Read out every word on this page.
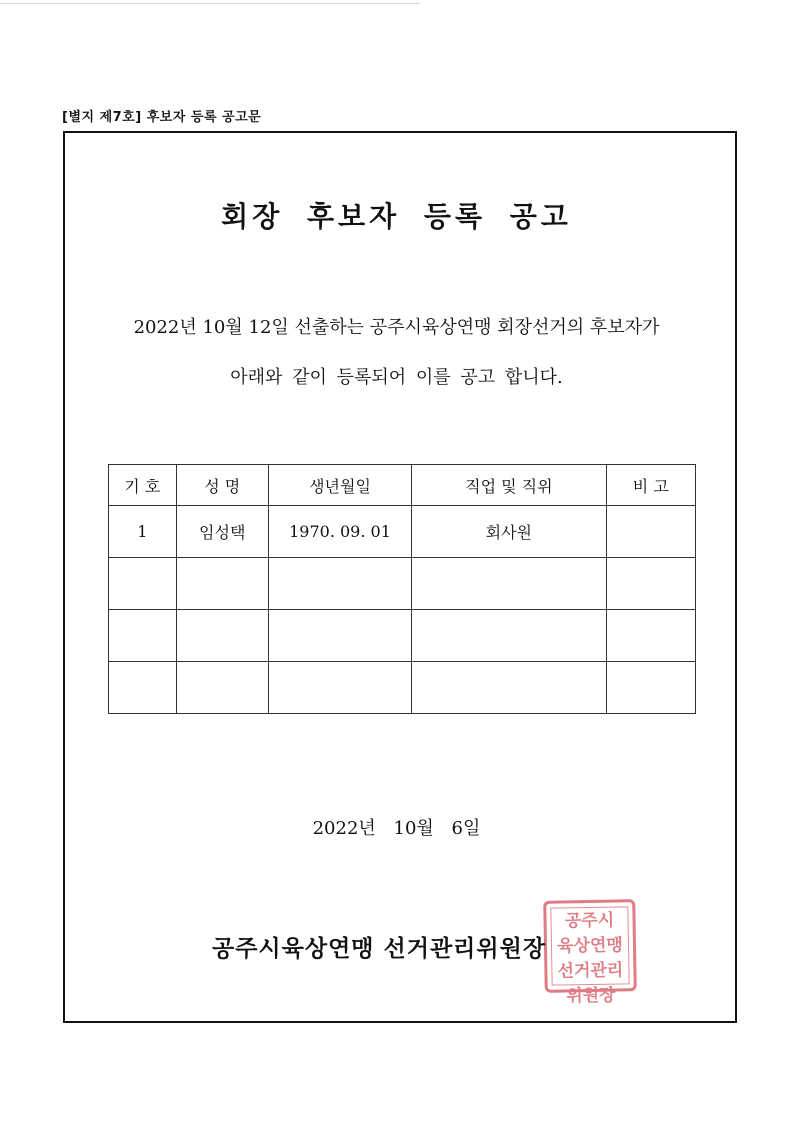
[별지 제7호] 후보자 등록 공고문
회장 후보자 등록 공고
2022년 10월 12일 선출하는 공주시육상연맹 회장선거의 후보자가
아래와 같이 등록되어 이를 공고 합니다.
기 호	성 명	생년월일	직업 및 직위	비 고
1	임성택	1970. 09. 01	회사원	

2022년 10월 6일
공주시
육상연맹
선거관리
위원장
공주시육상연맹 선거관리위원장
